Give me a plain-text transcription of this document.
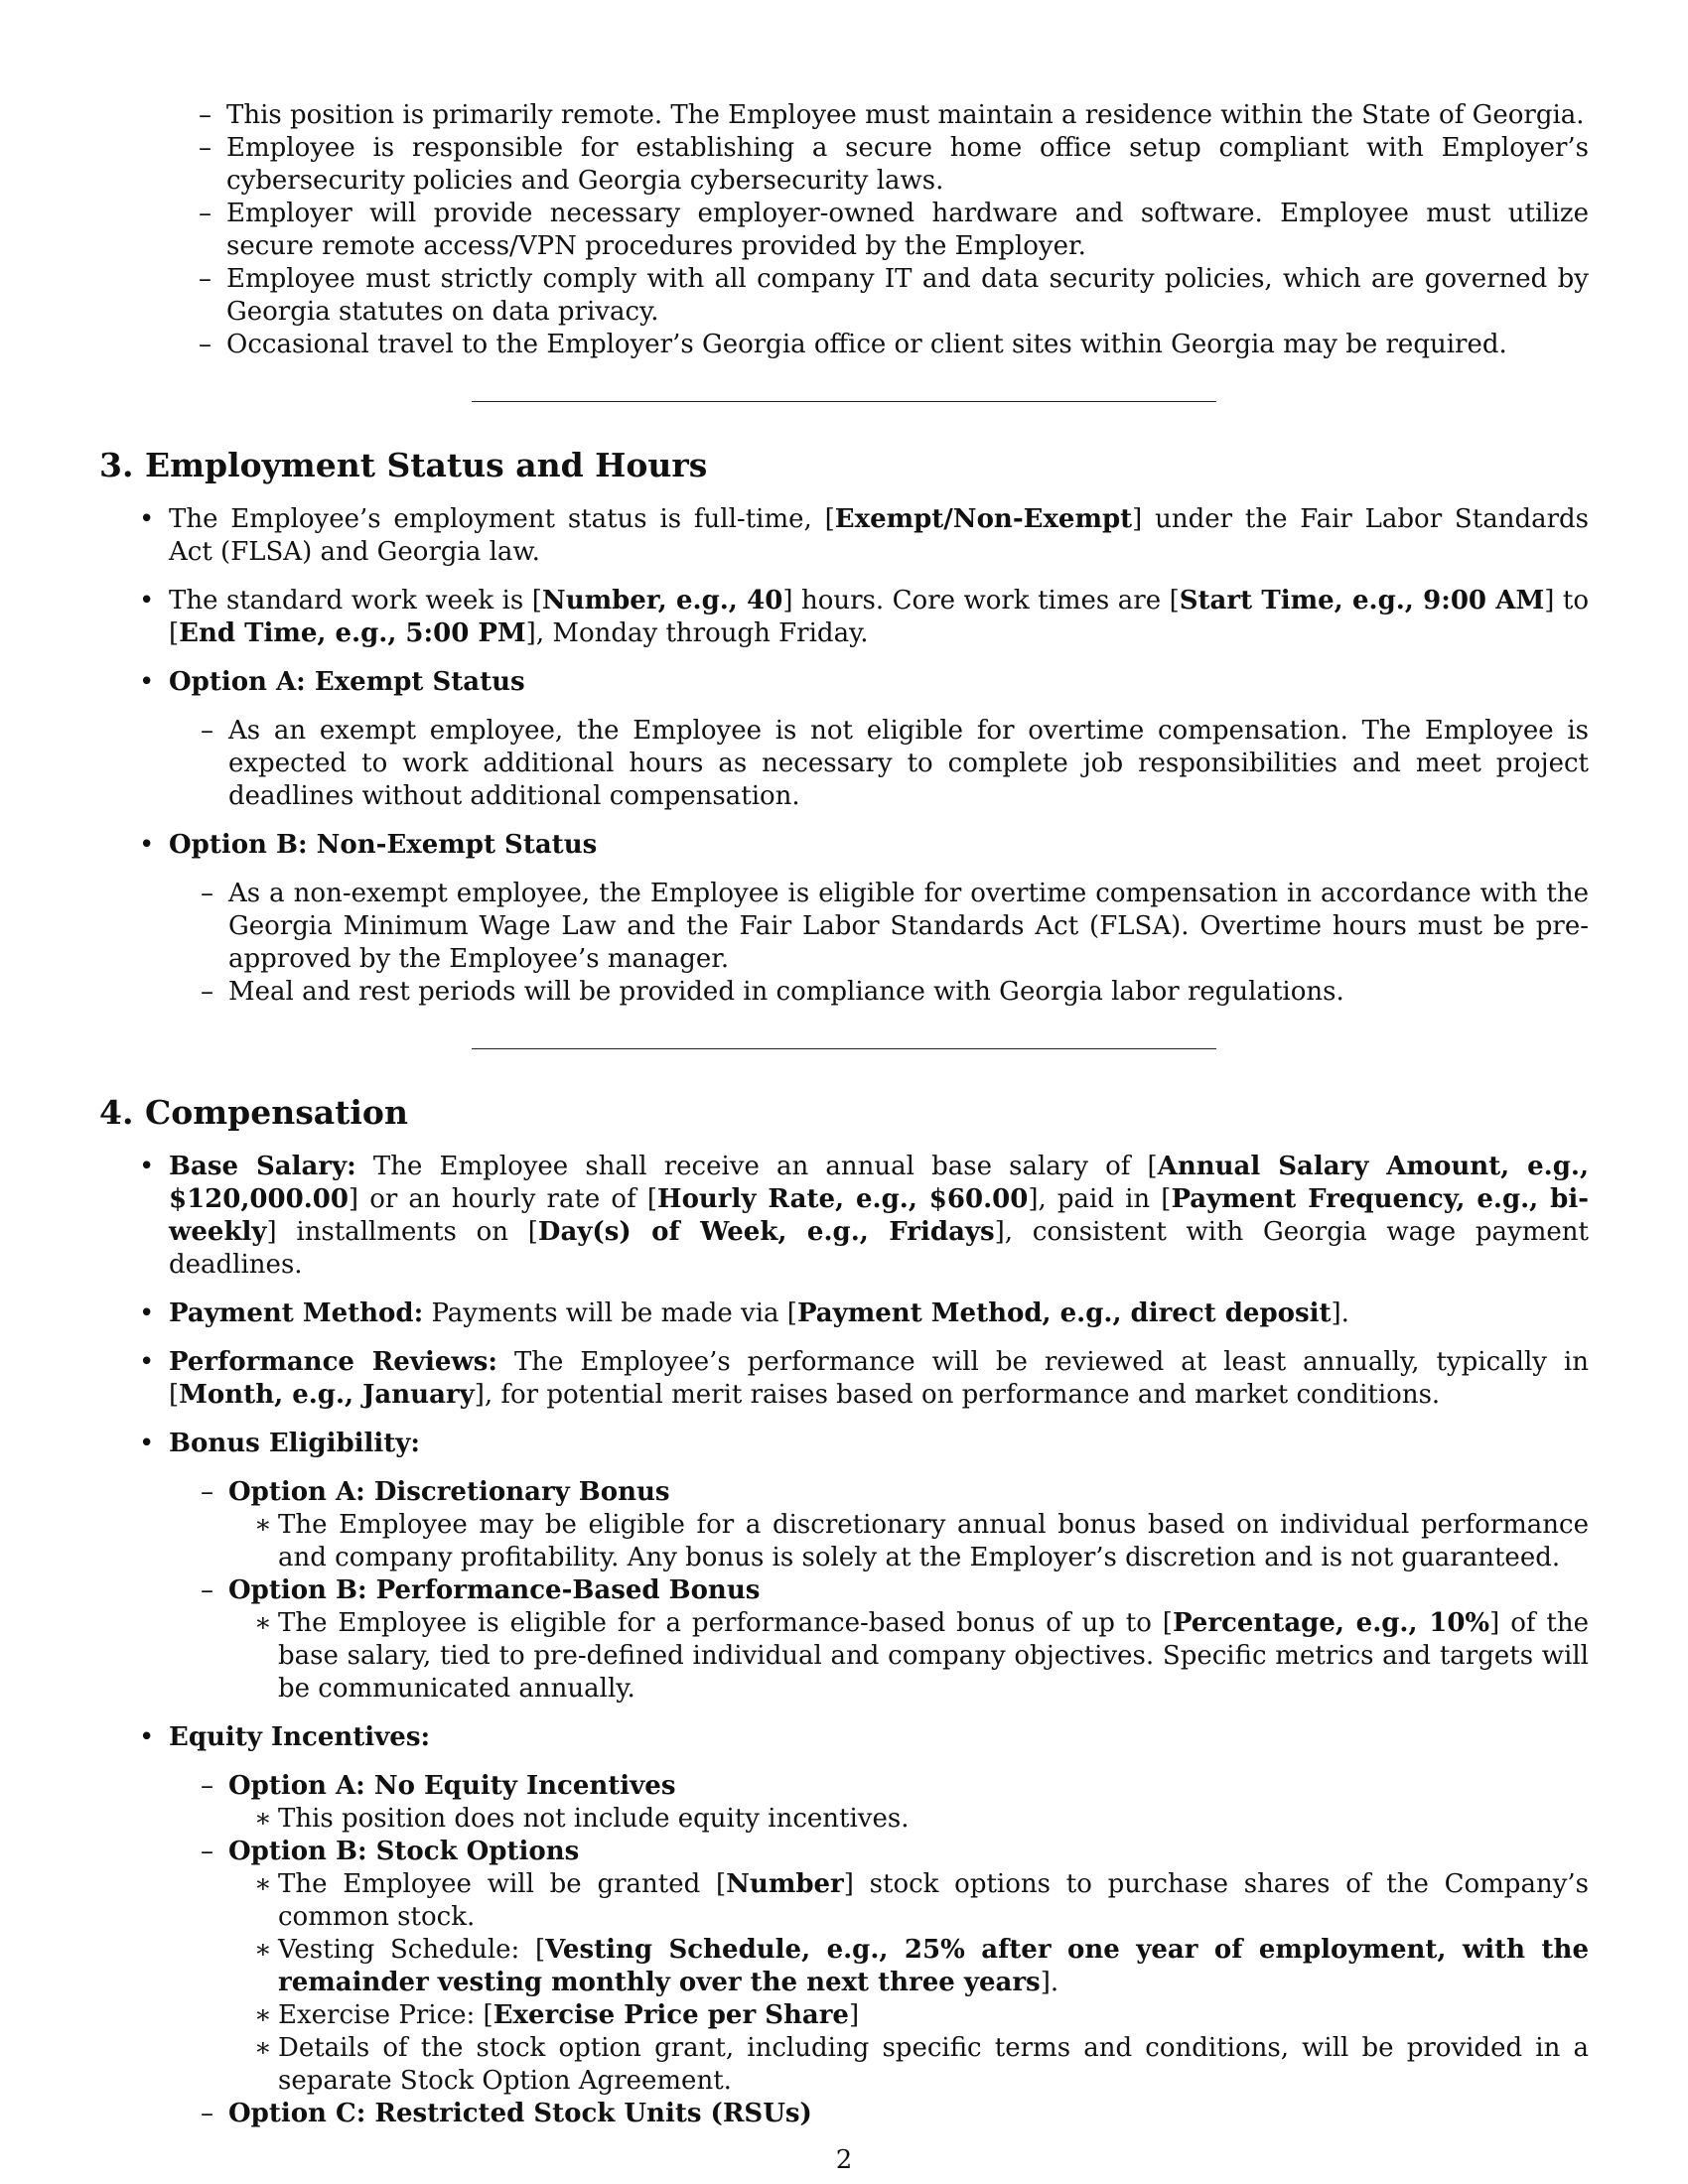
– This position is primarily remote. The Employee must maintain a residence within the State of Georgia.
– Employee is responsible for establishing a secure home office setup compliant with Employer’s cybersecurity policies and Georgia cybersecurity laws.
– Employer will provide necessary employer-owned hardware and software. Employee must utilize secure remote access/VPN procedures provided by the Employer.
– Employee must strictly comply with all company IT and data security policies, which are governed by Georgia statutes on data privacy.
– Occasional travel to the Employer’s Georgia office or client sites within Georgia may be required.
3. Employment Status and Hours
• The Employee’s employment status is full-time, [Exempt/Non-Exempt] under the Fair Labor Standards Act (FLSA) and Georgia law.
• The standard work week is [Number, e.g., 40] hours. Core work times are [Start Time, e.g., 9:00 AM] to [End Time, e.g., 5:00 PM], Monday through Friday.
• Option A: Exempt Status
– As an exempt employee, the Employee is not eligible for overtime compensation. The Employee is expected to work additional hours as necessary to complete job responsibilities and meet project deadlines without additional compensation.
• Option B: Non-Exempt Status
– As a non-exempt employee, the Employee is eligible for overtime compensation in accordance with the Georgia Minimum Wage Law and the Fair Labor Standards Act (FLSA). Overtime hours must be pre-approved by the Employee’s manager.
– Meal and rest periods will be provided in compliance with Georgia labor regulations.
4. Compensation
• Base Salary: The Employee shall receive an annual base salary of [Annual Salary Amount, e.g., $120,000.00] or an hourly rate of [Hourly Rate, e.g., $60.00], paid in [Payment Frequency, e.g., bi-weekly] installments on [Day(s) of Week, e.g., Fridays], consistent with Georgia wage payment deadlines.
• Payment Method: Payments will be made via [Payment Method, e.g., direct deposit].
• Performance Reviews: The Employee’s performance will be reviewed at least annually, typically in [Month, e.g., January], for potential merit raises based on performance and market conditions.
• Bonus Eligibility:
– Option A: Discretionary Bonus
∗ The Employee may be eligible for a discretionary annual bonus based on individual performance and company profitability. Any bonus is solely at the Employer’s discretion and is not guaranteed.
– Option B: Performance-Based Bonus
∗ The Employee is eligible for a performance-based bonus of up to [Percentage, e.g., 10%] of the base salary, tied to pre-defined individual and company objectives. Specific metrics and targets will be communicated annually.
• Equity Incentives:
– Option A: No Equity Incentives
∗ This position does not include equity incentives.
– Option B: Stock Options
∗ The Employee will be granted [Number] stock options to purchase shares of the Company’s common stock.
∗ Vesting Schedule: [Vesting Schedule, e.g., 25% after one year of employment, with the remainder vesting monthly over the next three years].
∗ Exercise Price: [Exercise Price per Share]
∗ Details of the stock option grant, including specific terms and conditions, will be provided in a separate Stock Option Agreement.
– Option C: Restricted Stock Units (RSUs)
2
